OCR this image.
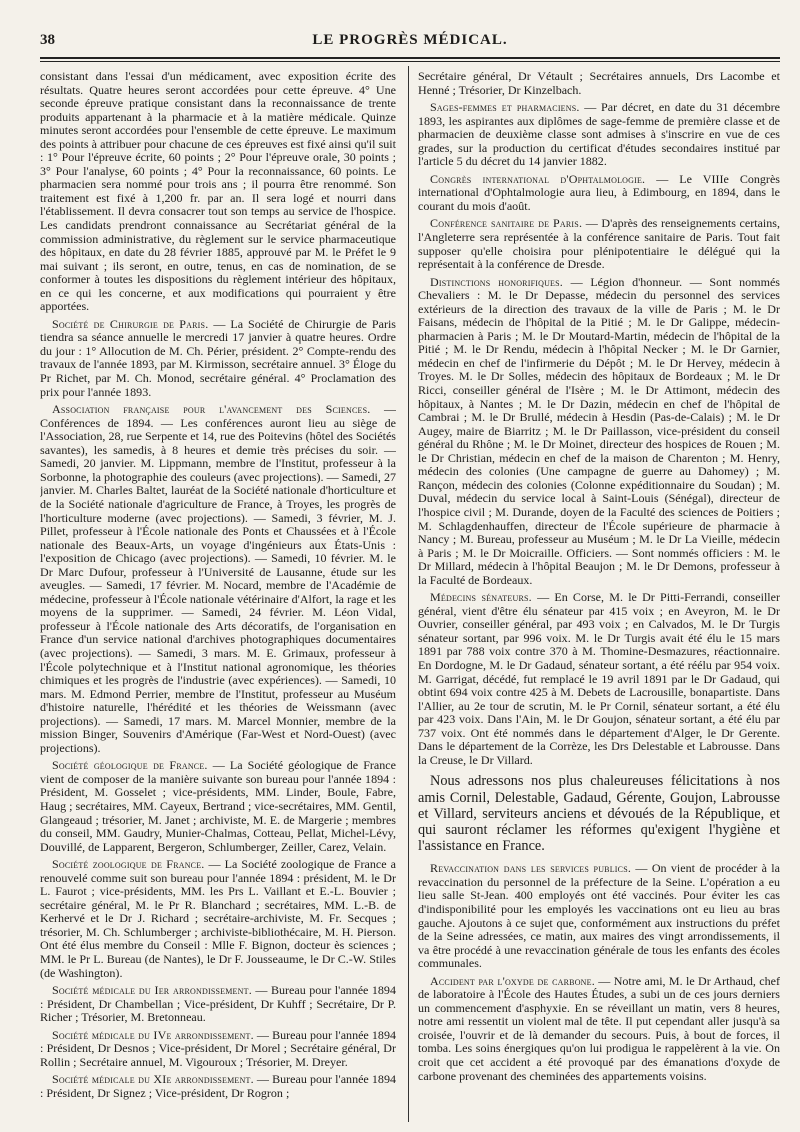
38	LE PROGRÈS MÉDICAL.

consistant dans l'essai d'un médicament, avec exposition écrite des résultats. Quatre heures seront accordées pour cette épreuve. 4° Une seconde épreuve pratique consistant dans la reconnaissance de trente produits appartenant à la pharmacie et à la matière médicale. Quinze minutes seront accordées pour l'ensemble de cette épreuve. Le maximum des points à attribuer pour chacune de ces épreuves est fixé ainsi qu'il suit : 1° Pour l'épreuve écrite, 60 points ; 2° Pour l'épreuve orale, 30 points ; 3° Pour l'analyse, 60 points ; 4° Pour la reconnaissance, 60 points. Le pharmacien sera nommé pour trois ans ; il pourra être renommé. Son traitement est fixé à 1,200 fr. par an. Il sera logé et nourri dans l'établissement. Il devra consacrer tout son temps au service de l'hospice. Les candidats prendront connaissance au Secrétariat général de la commission administrative, du règlement sur le service pharmaceutique des hôpitaux, en date du 28 février 1885, approuvé par M. le Préfet le 9 mai suivant ; ils seront, en outre, tenus, en cas de nomination, de se conformer à toutes les dispositions du règlement intérieur des hôpitaux, en ce qui les concerne, et aux modifications qui pourraient y être apportées.

Société de Chirurgie de Paris. — La Société de Chirurgie de Paris tiendra sa séance annuelle le mercredi 17 janvier à quatre heures. Ordre du jour : 1° Allocution de M. Ch. Périer, président. 2° Compte-rendu des travaux de l'année 1893, par M. Kirmisson, secrétaire annuel. 3° Éloge du Pr Richet, par M. Ch. Monod, secrétaire général. 4° Proclamation des prix pour l'année 1893.

Association française pour l'avancement des Sciences. — Conférences de 1894. — Les conférences auront lieu au siège de l'Association, 28, rue Serpente et 14, rue des Poitevins (hôtel des Sociétés savantes), les samedis, à 8 heures et demie très précises du soir. — Samedi, 20 janvier. M. Lippmann, membre de l'Institut, professeur à la Sorbonne, la photographie des couleurs (avec projections). — Samedi, 27 janvier. M. Charles Baltet, lauréat de la Société nationale d'horticulture et de la Société nationale d'agriculture de France, à Troyes, les progrès de l'horticulture moderne (avec projections). — Samedi, 3 février, M. J. Pillet, professeur à l'École nationale des Ponts et Chaussées et à l'École nationale des Beaux-Arts, un voyage d'ingénieurs aux États-Unis : l'exposition de Chicago (avec projections). — Samedi, 10 février. M. le Dr Marc Dufour, professeur à l'Université de Lausanne, étude sur les aveugles. — Samedi, 17 février. M. Nocard, membre de l'Académie de médecine, professeur à l'École nationale vétérinaire d'Alfort, la rage et les moyens de la supprimer. — Samedi, 24 février. M. Léon Vidal, professeur à l'École nationale des Arts décoratifs, de l'organisation en France d'un service national d'archives photographiques documentaires (avec projections). — Samedi, 3 mars. M. E. Grimaux, professeur à l'École polytechnique et à l'Institut national agronomique, les théories chimiques et les progrès de l'industrie (avec expériences). — Samedi, 10 mars. M. Edmond Perrier, membre de l'Institut, professeur au Muséum d'histoire naturelle, l'hérédité et les théories de Weissmann (avec projections). — Samedi, 17 mars. M. Marcel Monnier, membre de la mission Binger, Souvenirs d'Amérique (Far-West et Nord-Ouest) (avec projections).

Société géologique de France. — La Société géologique de France vient de composer de la manière suivante son bureau pour l'année 1894 : Président, M. Gosselet ; vice-présidents, MM. Linder, Boule, Fabre, Haug ; secrétaires, MM. Cayeux, Bertrand ; vice-secrétaires, MM. Gentil, Glangeaud ; trésorier, M. Janet ; archiviste, M. E. de Margerie ; membres du conseil, MM. Gaudry, Munier-Chalmas, Cotteau, Pellat, Michel-Lévy, Douvillé, de Lapparent, Bergeron, Schlumberger, Zeiller, Carez, Velain.

Société zoologique de France. — La Société zoologique de France a renouvelé comme suit son bureau pour l'année 1894 : président, M. le Dr L. Faurot ; vice-présidents, MM. les Prs L. Vaillant et E.-L. Bouvier ; secrétaire général, M. le Pr R. Blanchard ; secrétaires, MM. L.-B. de Kerhervé et le Dr J. Richard ; secrétaire-archiviste, M. Fr. Secques ; trésorier, M. Ch. Schlumberger ; archiviste-bibliothécaire, M. H. Pierson. Ont été élus membre du Conseil : Mlle F. Bignon, docteur ès sciences ; MM. le Pr L. Bureau (de Nantes), le Dr F. Jousseaume, le Dr C.-W. Stiles (de Washington).

Société médicale du Ier arrondissement. — Bureau pour l'année 1894 : Président, Dr Chambellan ; Vice-président, Dr Kuhff ; Secrétaire, Dr P. Richer ; Trésorier, M. Bretonneau.

Société médicale du IVe arrondissement. — Bureau pour l'année 1894 : Président, Dr Desnos ; Vice-président, Dr Morel ; Secrétaire général, Dr Rollin ; Secrétaire annuel, M. Vigouroux ; Trésorier, M. Dreyer.

Société médicale du XIe arrondissement. — Bureau pour l'année 1894 : Président, Dr Signez ; Vice-président, Dr Rogron ;

Secrétaire général, Dr Vétault ; Secrétaires annuels, Drs Lacombe et Henné ; Trésorier, Dr Kinzelbach.

Sages-femmes et pharmaciens. — Par décret, en date du 31 décembre 1893, les aspirantes aux diplômes de sage-femme de première classe et de pharmacien de deuxième classe sont admises à s'inscrire en vue de ces grades, sur la production du certificat d'études secondaires institué par l'article 5 du décret du 14 janvier 1882.

Congrès international d'Ophtalmologie. — Le VIIIe Congrès international d'Ophtalmologie aura lieu, à Edimbourg, en 1894, dans le courant du mois d'août.

Conférence sanitaire de Paris. — D'après des renseignements certains, l'Angleterre sera représentée à la conférence sanitaire de Paris. Tout fait supposer qu'elle choisira pour plénipotentiaire le délégué qui la représentait à la conférence de Dresde.

Distinctions honorifiques. — Légion d'honneur. — Sont nommés Chevaliers : M. le Dr Depasse, médecin du personnel des services extérieurs de la direction des travaux de la ville de Paris ; M. le Dr Faisans, médecin de l'hôpital de la Pitié ; M. le Dr Galippe, médecin-pharmacien à Paris ; M. le Dr Moutard-Martin, médecin de l'hôpital de la Pitié ; M. le Dr Rendu, médecin à l'hôpital Necker ; M. le Dr Garnier, médecin en chef de l'infirmerie du Dépôt ; M. le Dr Hervey, médecin à Troyes. M. le Dr Solles, médecin des hôpitaux de Bordeaux ; M. le Dr Ricci, conseiller général de l'Isère ; M. le Dr Attimont, médecin des hôpitaux, à Nantes ; M. le Dr Dazin, médecin en chef de l'hôpital de Cambrai ; M. le Dr Brullé, médecin à Hesdin (Pas-de-Calais) ; M. le Dr Augey, maire de Biarritz ; M. le Dr Paillasson, vice-président du conseil général du Rhône ; M. le Dr Moinet, directeur des hospices de Rouen ; M. le Dr Christian, médecin en chef de la maison de Charenton ; M. Henry, médecin des colonies (Une campagne de guerre au Dahomey) ; M. Rançon, médecin des colonies (Colonne expéditionnaire du Soudan) ; M. Duval, médecin du service local à Saint-Louis (Sénégal), directeur de l'hospice civil ; M. Durande, doyen de la Faculté des sciences de Poitiers ; M. Schlagdenhauffen, directeur de l'École supérieure de pharmacie à Nancy ; M. Bureau, professeur au Muséum ; M. le Dr La Vieille, médecin à Paris ; M. le Dr Moicraille. Officiers. — Sont nommés officiers : M. le Dr Millard, médecin à l'hôpital Beaujon ; M. le Dr Demons, professeur à la Faculté de Bordeaux.

Médecins sénateurs. — En Corse, M. le Dr Pitti-Ferrandi, conseiller général, vient d'être élu sénateur par 415 voix ; en Aveyron, M. le Dr Ouvrier, conseiller général, par 493 voix ; en Calvados, M. le Dr Turgis sénateur sortant, par 996 voix. M. le Dr Turgis avait été élu le 15 mars 1891 par 788 voix contre 370 à M. Thomine-Desmazures, réactionnaire. En Dordogne, M. le Dr Gadaud, sénateur sortant, a été réélu par 954 voix. M. Garrigat, décédé, fut remplacé le 19 avril 1891 par le Dr Gadaud, qui obtint 694 voix contre 425 à M. Debets de Lacrousille, bonapartiste. Dans l'Allier, au 2e tour de scrutin, M. le Pr Cornil, sénateur sortant, a été élu par 423 voix. Dans l'Ain, M. le Dr Goujon, sénateur sortant, a été élu par 737 voix. Ont été nommés dans le département d'Alger, le Dr Gerente. Dans le département de la Corrèze, les Drs Delestable et Labrousse. Dans la Creuse, le Dr Villard.

Nous adressons nos plus chaleureuses félicitations à nos amis Cornil, Delestable, Gadaud, Gérente, Goujon, Labrousse et Villard, serviteurs anciens et dévoués de la République, et qui sauront réclamer les réformes qu'exigent l'hygiène et l'assistance en France.

Revaccination dans les services publics. — On vient de procéder à la revaccination du personnel de la préfecture de la Seine. L'opération a eu lieu salle St-Jean. 400 employés ont été vaccinés. Pour éviter les cas d'indisponibilité pour les employés les vaccinations ont eu lieu au bras gauche. Ajoutons à ce sujet que, conformément aux instructions du préfet de la Seine adressées, ce matin, aux maires des vingt arrondissements, il va être procédé à une revaccination générale de tous les enfants des écoles communales.

Accident par l'oxyde de carbone. — Notre ami, M. le Dr Arthaud, chef de laboratoire à l'École des Hautes Études, a subi un de ces jours derniers un commencement d'asphyxie. En se réveillant un matin, vers 8 heures, notre ami ressentit un violent mal de tête. Il put cependant aller jusqu'à sa croisée, l'ouvrir et de là demander du secours. Puis, à bout de forces, il tomba. Les soins énergiques qu'on lui prodigua le rappelèrent à la vie. On croit que cet accident a été provoqué par des émanations d'oxyde de carbone provenant des cheminées des appartements voisins.
